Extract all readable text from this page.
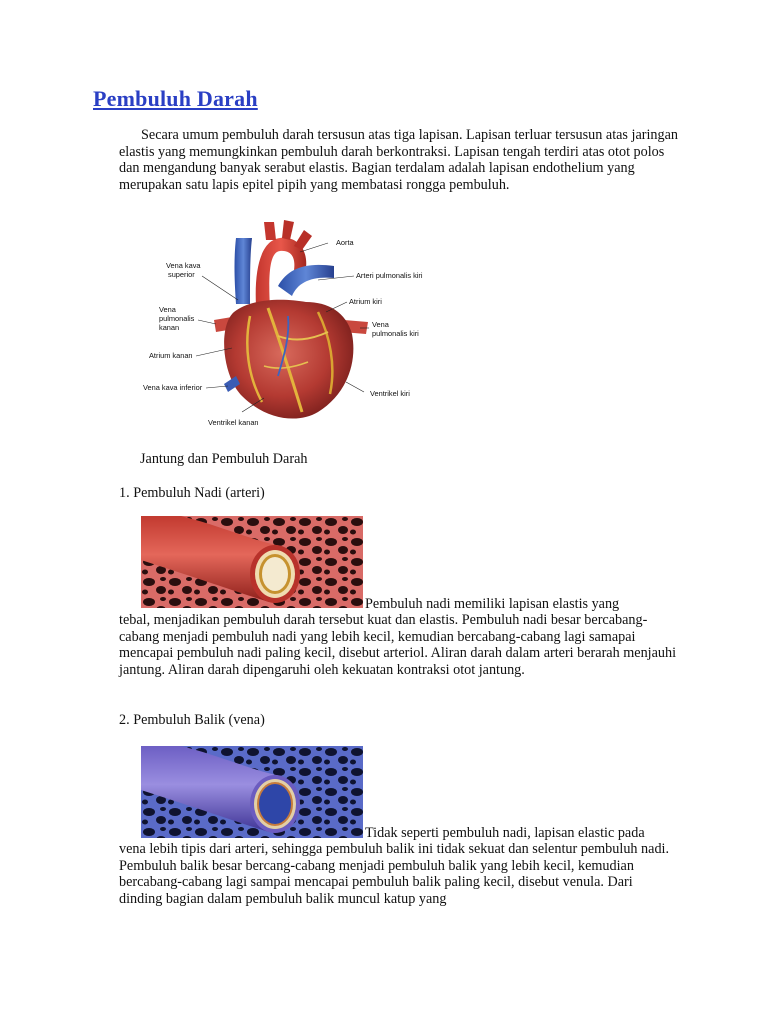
Pembuluh Darah

Secara umum pembuluh darah tersusun atas tiga lapisan. Lapisan terluar tersusun atas jaringan elastis yang memungkinkan pembuluh darah berkontraksi. Lapisan tengah terdiri atas otot polos dan mengandung banyak serabut elastis. Bagian terdalam adalah lapisan endothelium yang merupakan satu lapis epitel pipih yang membatasi rongga pembuluh.

Aorta
Vena kava
superior	Arteri pulmonalis kiri
Atrium kiri
Vena
pulmonalis
kanan	Vena
pulmonalis kiri
Atrium kanan
Vena kava inferior
Ventrikel kiri
Ventrikel kanan

Jantung dan Pembuluh Darah

1. Pembuluh Nadi (arteri)

Pembuluh nadi memiliki lapisan elastis yang

tebal, menjadikan pembuluh darah tersebut kuat dan elastis. Pembuluh nadi besar bercabang-cabang menjadi pembuluh nadi yang lebih kecil, kemudian bercabang-cabang lagi samapai mencapai pembuluh nadi paling kecil, disebut arteriol. Aliran darah dalam arteri berarah menjauhi jantung. Aliran darah dipengaruhi oleh kekuatan kontraksi otot jantung.

2. Pembuluh Balik (vena)

Tidak seperti pembuluh nadi, lapisan elastic pada

vena lebih tipis dari arteri, sehingga pembuluh balik ini tidak sekuat dan selentur pembuluh nadi. Pembuluh balik besar bercang-cabang menjadi pembuluh balik yang lebih kecil, kemudian bercabang-cabang lagi sampai mencapai pembuluh balik paling kecil, disebut venula. Dari dinding bagian dalam pembuluh balik muncul katup yang
